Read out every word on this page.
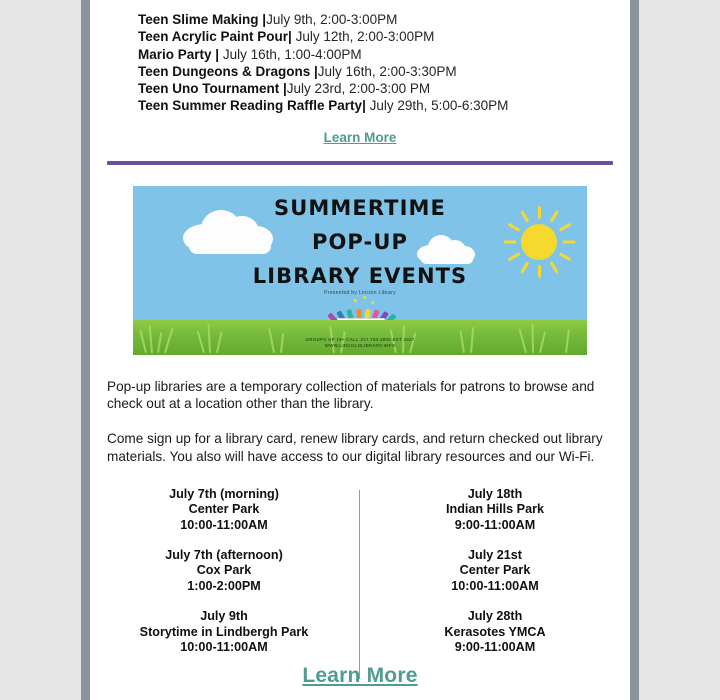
Teen Slime Making |July 9th, 2:00-3:00PM
Teen Acrylic Paint Pour| July 12th, 2:00-3:00PM
Mario Party | July 16th, 1:00-4:00PM
Teen Dungeons & Dragons |July 16th, 2:00-3:30PM
Teen Uno Tournament |July 23rd, 2:00-3:00 PM
Teen Summer Reading Raffle Party| July 29th, 5:00-6:30PM
Learn More
SUMMERTIME
POP-UP
LIBRARY EVENTS
Presented by Lincoln Library
GROUPS OF 15+ CALL 217.753.4900 EXT 2427
WWW.LINCOLNLIBRARY.INFO

Pop-up libraries are a temporary collection of materials for patrons to browse and check out at a location other than the library.

Come sign up for a library card, renew library cards, and return checked out library materials. You also will have access to our digital library resources and our Wi-Fi.

July 7th (morning)
Center Park
10:00-11:00AM
July 7th (afternoon)
Cox Park
1:00-2:00PM
July 9th
Storytime in Lindbergh Park
10:00-11:00AM
July 18th
Indian Hills Park
9:00-11:00AM
July 21st
Center Park
10:00-11:00AM
July 28th
Kerasotes YMCA
9:00-11:00AM
Learn More
